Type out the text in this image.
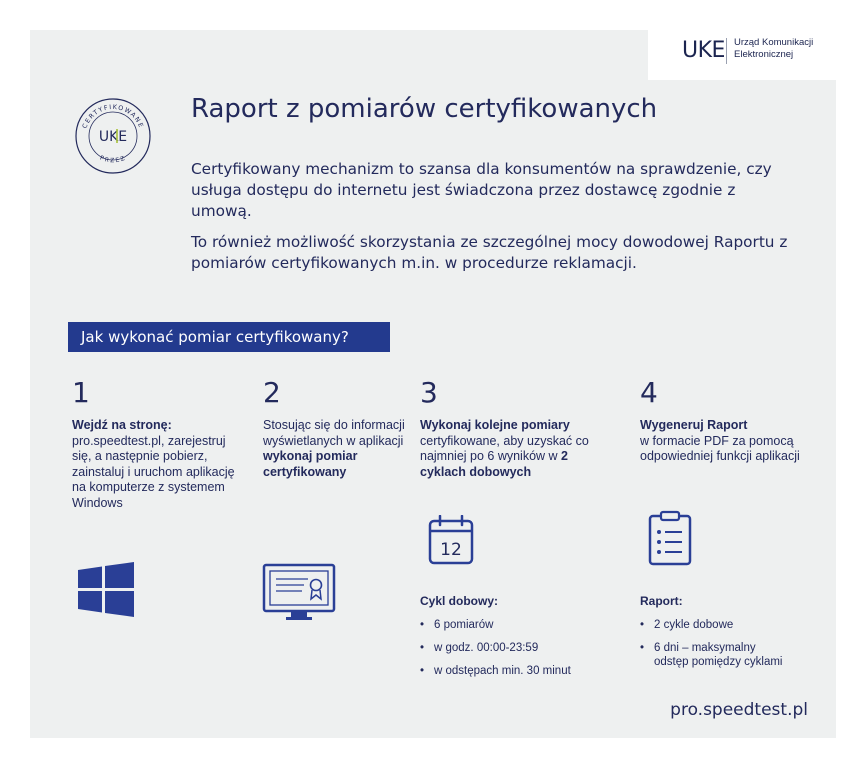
UKE Urząd Komunikacji
Elektronicznej
CERTYFIKOWANE
PRZEZ
UKE
Raport z pomiarów certyfikowanych

Certyfikowany mechanizm to szansa dla konsumentów na sprawdzenie, czy usługa dostępu do internetu jest świadczona przez dostawcę zgodnie z umową.

To również możliwość skorzystania ze szczególnej mocy dowodowej Raportu z pomiarów certyfikowanych m.in. w procedurze reklamacji.

Jak wykonać pomiar certyfikowany?
1
Wejdź na stronę:
pro.speedtest.pl, zarejestruj się, a następnie pobierz, zainstaluj i uruchom aplikację na komputerze z systemem Windows
2
Stosując się do informacji wyświetlanych w aplikacji wykonaj pomiar certyfikowany
3
Wykonaj kolejne pomiary certyfikowane, aby uzyskać co najmniej po 6 wyników w 2 cyklach dobowych
4
Wygeneruj Raport
w formacie PDF za pomocą odpowiedniej funkcji aplikacji
12
Cykl dobowy:
• 6 pomiarów
• w godz. 00:00-23:59
• w odstępach min. 30 minut
Raport:
• 2 cykle dobowe
• 6 dni – maksymalny odstęp pomiędzy cyklami
pro.speedtest.pl
